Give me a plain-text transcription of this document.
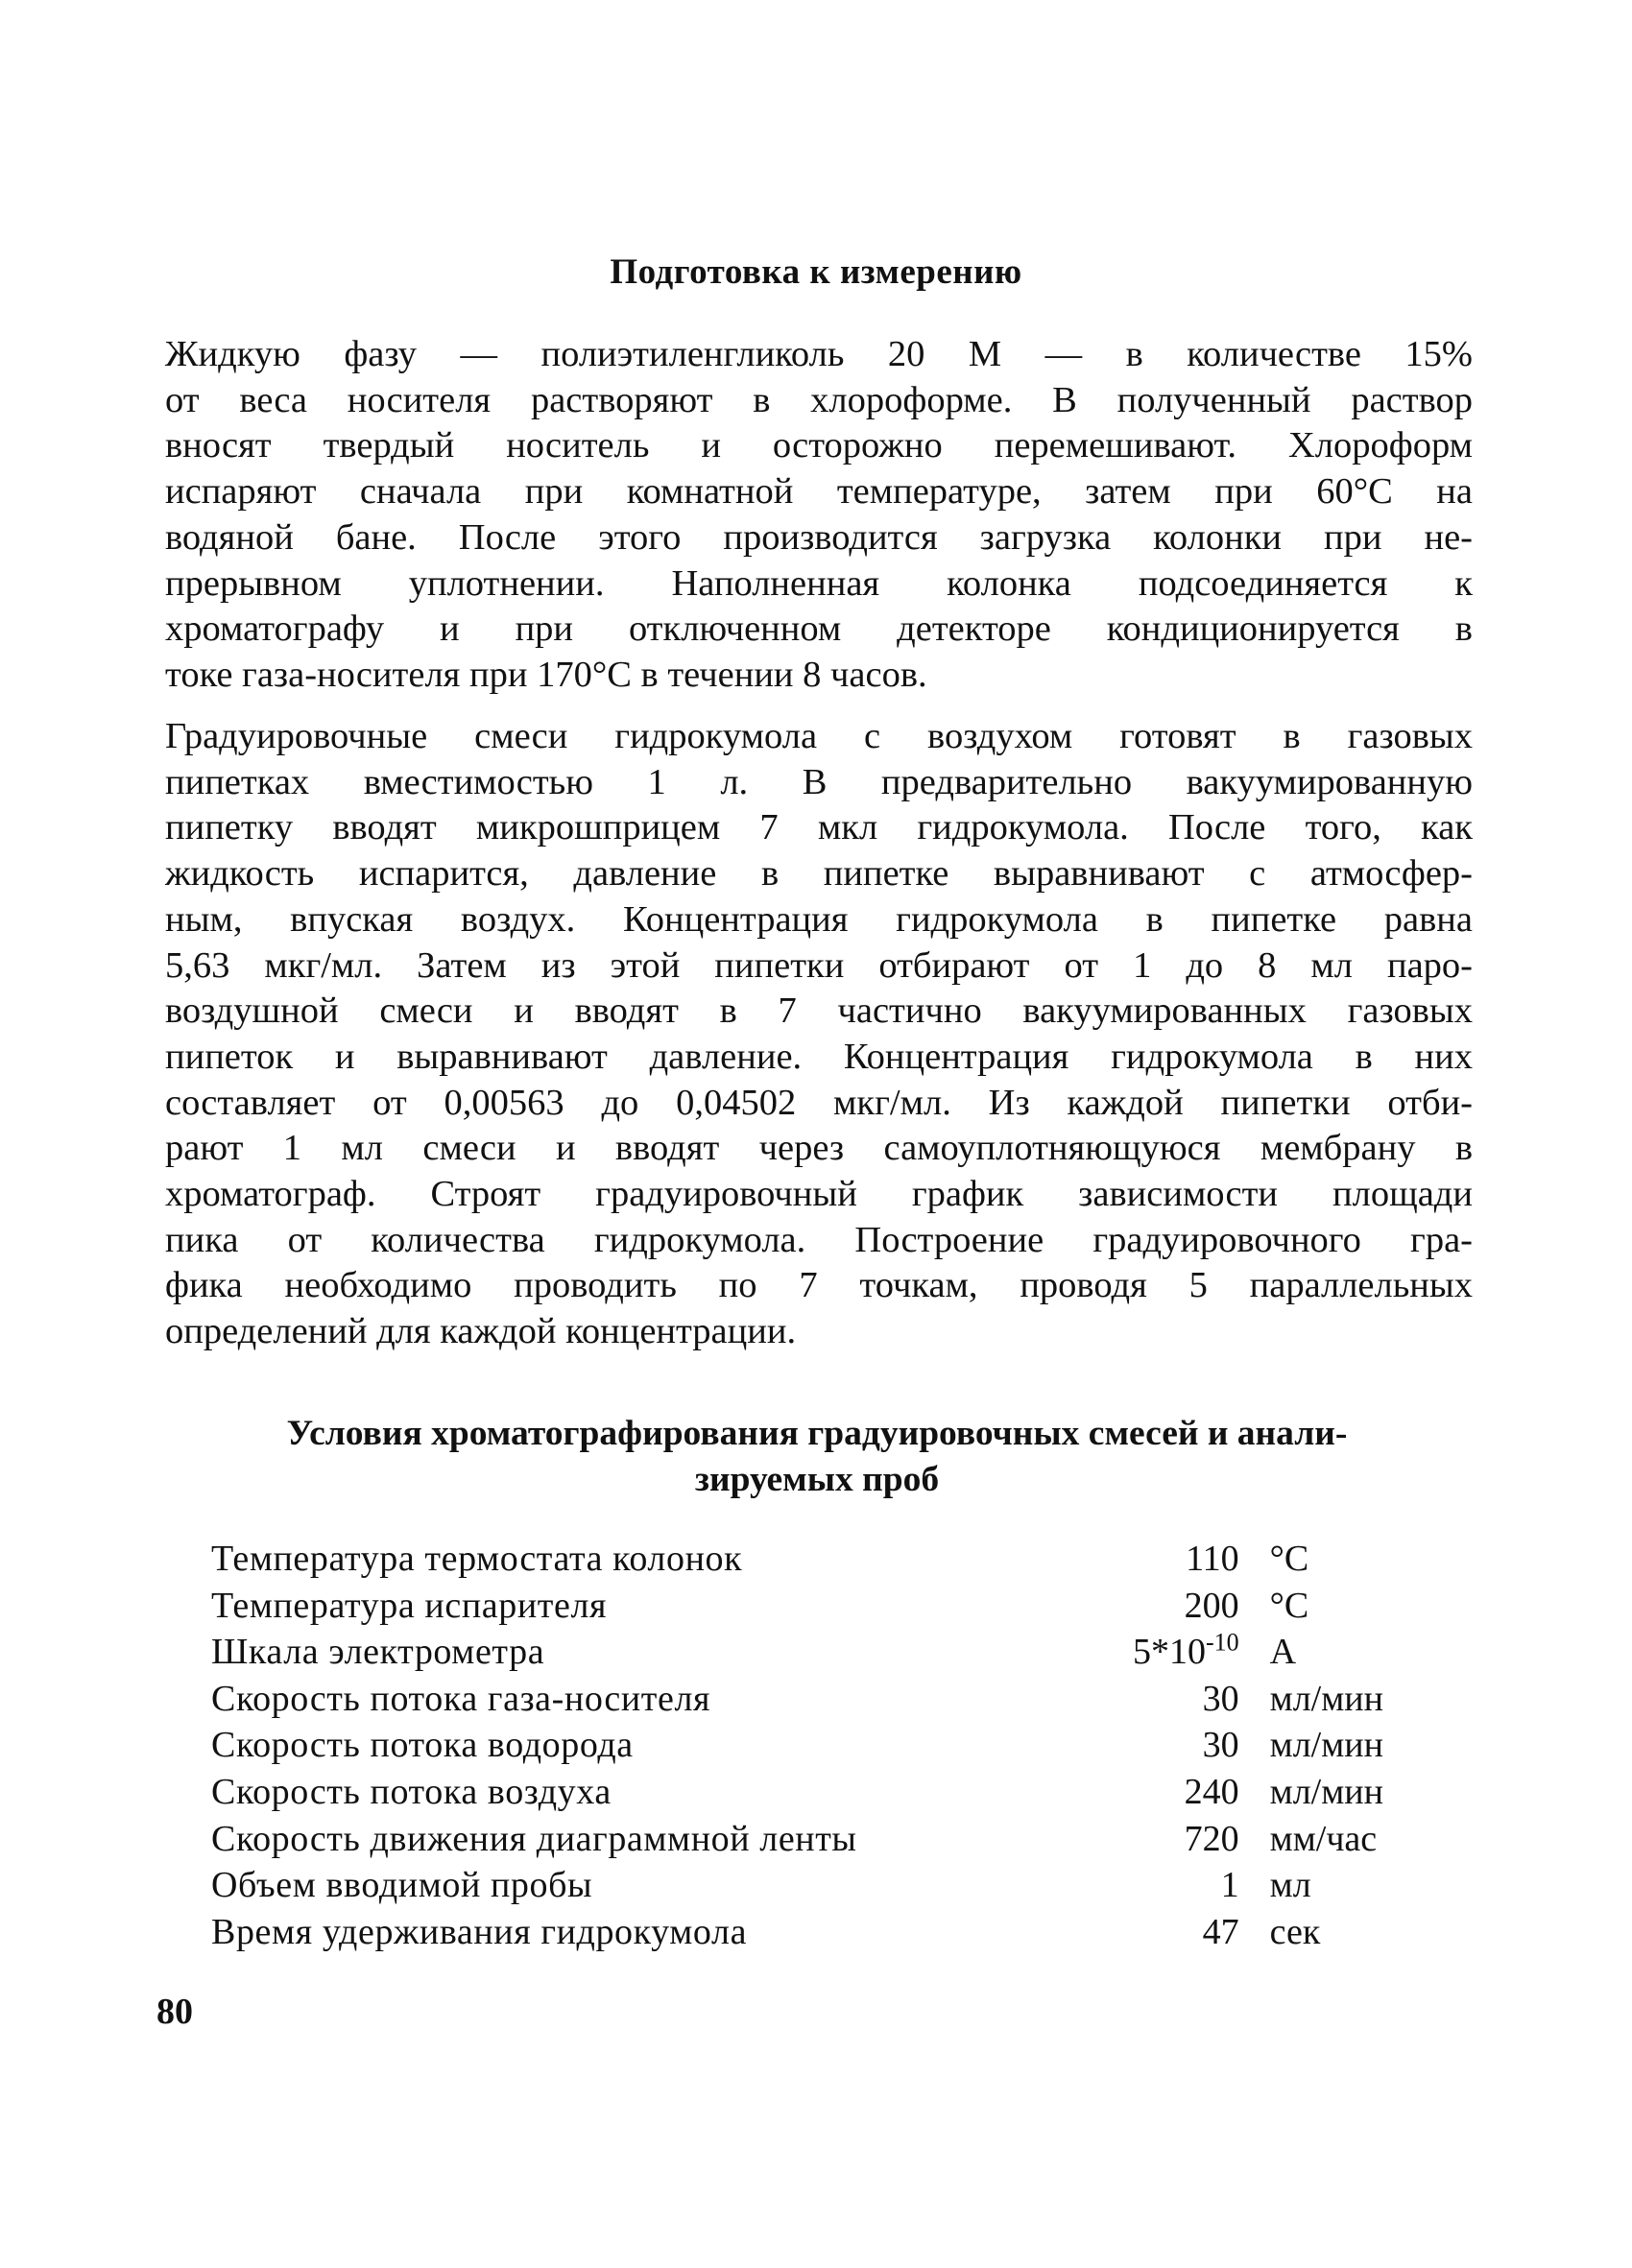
Подготовка к измерению

Жидкую фазу — полиэтиленгликоль 20 М — в количестве 15%
от веса носителя растворяют в хлороформе. В полученный раствор
вносят твердый носитель и осторожно перемешивают. Хлороформ
испаряют сначала при комнатной температуре, затем при 60°С на
водяной бане. После этого производится загрузка колонки при не-
прерывном уплотнении. Наполненная колонка подсоединяется к
хроматографу и при отключенном детекторе кондиционируется в
токе газа-носителя при 170°С в течении 8 часов.

Градуировочные смеси гидрокумола с воздухом готовят в газовых
пипетках вместимостью 1 л. В предварительно вакуумированную
пипетку вводят микрошприцем 7 мкл гидрокумола. После того, как
жидкость испарится, давление в пипетке выравнивают с атмосфер-
ным, впуская воздух. Концентрация гидрокумола в пипетке равна
5,63 мкг/мл. Затем из этой пипетки отбирают от 1 до 8 мл паро-
воздушной смеси и вводят в 7 частично вакуумированных газовых
пипеток и выравнивают давление. Концентрация гидрокумола в них
составляет от 0,00563 до 0,04502 мкг/мл. Из каждой пипетки отби-
рают 1 мл смеси и вводят через самоуплотняющуюся мембрану в
хроматограф. Строят градуировочный график зависимости площади
пика от количества гидрокумола. Построение градуировочного гра-
фика необходимо проводить по 7 точкам, проводя 5 параллельных
определений для каждой концентрации.

Условия хроматографирования градуировочных смесей и анали-
зируемых проб
Температура термостата колонок	110	°С
Температура испарителя	200	°С
Шкала электрометра	$5*10^{-10}$	А
Скорость потока газа-носителя	30	мл/мин
Скорость потока водорода	30	мл/мин
Скорость потока воздуха	240	мл/мин
Скорость движения диаграммной ленты	720	мм/час
Объем вводимой пробы	1	мл
Время удерживания гидрокумола	47	сек
80
